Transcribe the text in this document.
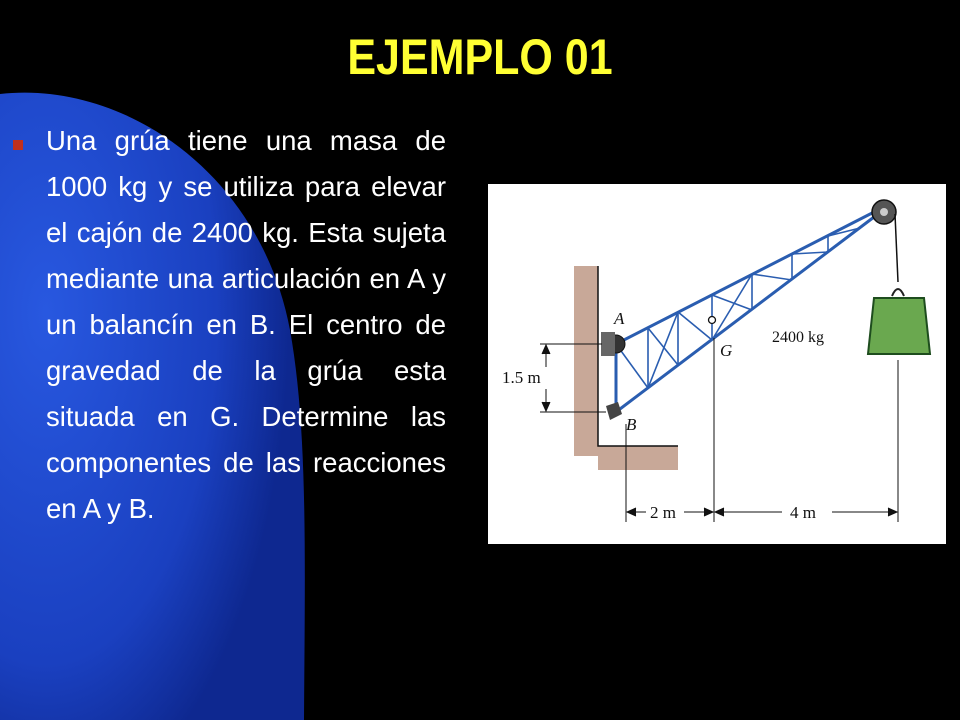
EJEMPLO 01
Una grúa tiene una masa de 1000 kg y se utiliza para elevar el cajón de 2400 kg. Esta sujeta mediante una articulación en A y un balancín en B. El centro de gravedad de la grúa esta situada en G. Determine las componentes de las reacciones en A y B.
A
B
G
2400 kg
1.5 m
2 m	4 m
